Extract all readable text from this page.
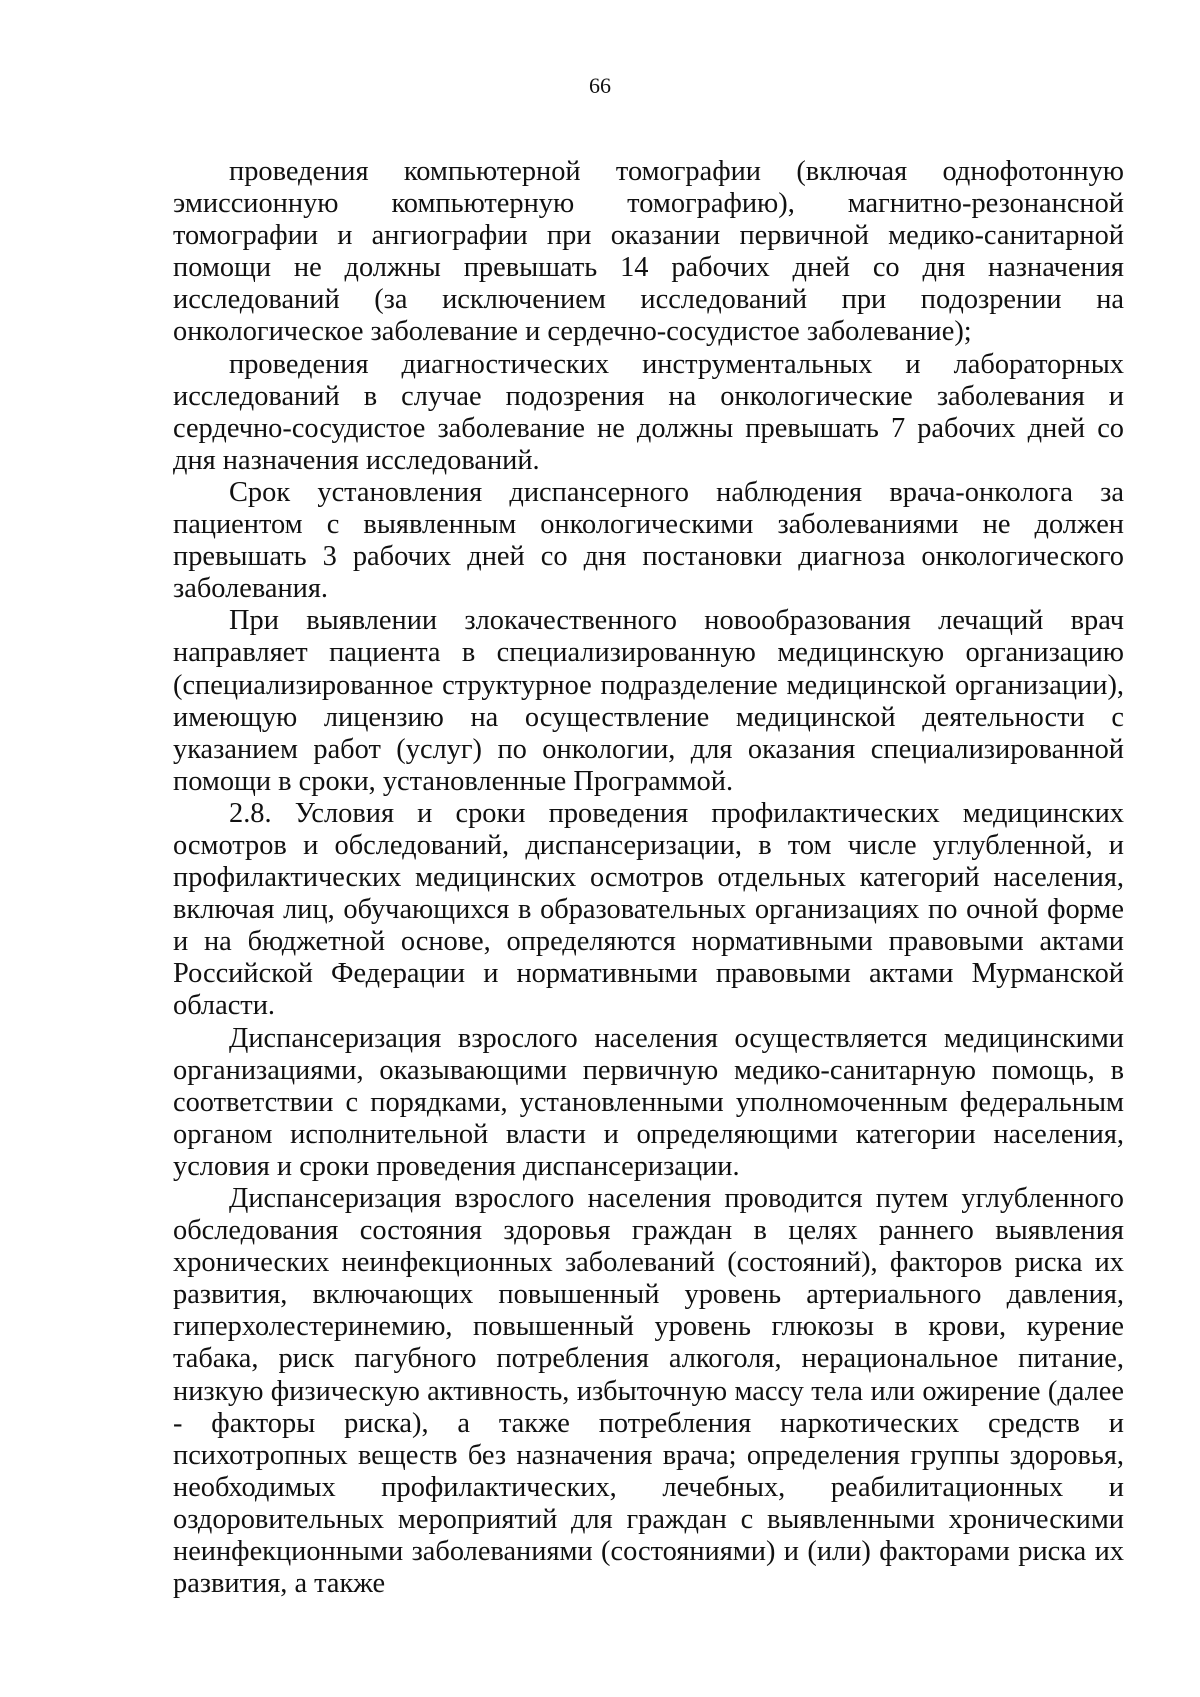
66

проведения компьютерной томографии (включая однофотонную эмиссионную компьютерную томографию), магнитно-резонансной томографии и ангиографии при оказании первичной медико-санитарной помощи не должны превышать 14 рабочих дней со дня назначения исследований (за исключением исследований при подозрении на онкологическое заболевание и сердечно-сосудистое заболевание);

проведения диагностических инструментальных и лабораторных исследований в случае подозрения на онкологические заболевания и сердечно-сосудистое заболевание не должны превышать 7 рабочих дней со дня назначения исследований.

Срок установления диспансерного наблюдения врача-онколога за пациентом с выявленным онкологическими заболеваниями не должен превышать 3 рабочих дней со дня постановки диагноза онкологического заболевания.

При выявлении злокачественного новообразования лечащий врач направляет пациента в специализированную медицинскую организацию (специализированное структурное подразделение медицинской организации), имеющую лицензию на осуществление медицинской деятельности с указанием работ (услуг) по онкологии, для оказания специализированной помощи в сроки, установленные Программой.

2.8. Условия и сроки проведения профилактических медицинских осмотров и обследований, диспансеризации, в том числе углубленной, и профилактических медицинских осмотров отдельных категорий населения, включая лиц, обучающихся в образовательных организациях по очной форме и на бюджетной основе, определяются нормативными правовыми актами Российской Федерации и нормативными правовыми актами Мурманской области.

Диспансеризация взрослого населения осуществляется медицинскими организациями, оказывающими первичную медико-санитарную помощь, в соответствии с порядками, установленными уполномоченным федеральным органом исполнительной власти и определяющими категории населения, условия и сроки проведения диспансеризации.

Диспансеризация взрослого населения проводится путем углубленного обследования состояния здоровья граждан в целях раннего выявления хронических неинфекционных заболеваний (состояний), факторов риска их развития, включающих повышенный уровень артериального давления, гиперхолестеринемию, повышенный уровень глюкозы в крови, курение табака, риск пагубного потребления алкоголя, нерациональное питание, низкую физическую активность, избыточную массу тела или ожирение (далее - факторы риска), а также потребления наркотических средств и психотропных веществ без назначения врача; определения группы здоровья, необходимых профилактических, лечебных, реабилитационных и оздоровительных мероприятий для граждан с выявленными хроническими неинфекционными заболеваниями (состояниями) и (или) факторами риска их развития, а также
